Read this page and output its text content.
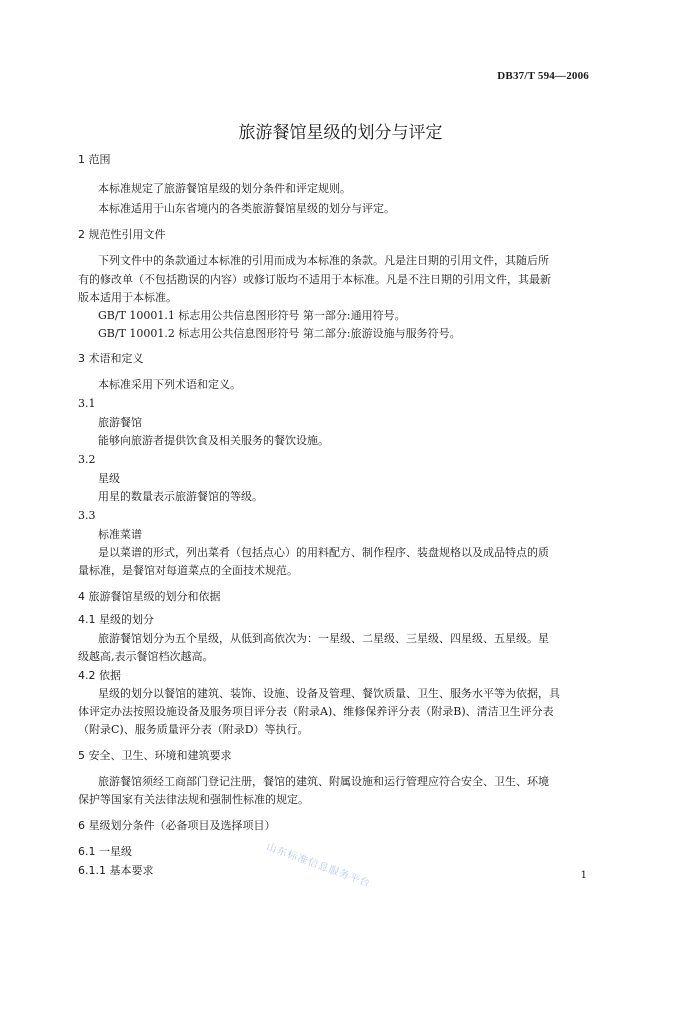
DB37/T 594—2006
旅游餐馆星级的划分与评定
1 范围
本标准规定了旅游餐馆星级的划分条件和评定规则。
本标准适用于山东省境内的各类旅游餐馆星级的划分与评定。
2 规范性引用文件
下列文件中的条款通过本标准的引用而成为本标准的条款。凡是注日期的引用文件，其随后所
有的修改单（不包括勘误的内容）或修订版均不适用于本标准。凡是不注日期的引用文件，其最新
版本适用于本标准。
GB/T 10001.1 标志用公共信息图形符号 第一部分:通用符号。
GB/T 10001.2 标志用公共信息图形符号 第二部分:旅游设施与服务符号。
3 术语和定义
本标准采用下列术语和定义。
3.1
旅游餐馆
能够向旅游者提供饮食及相关服务的餐饮设施。
3.2
星级
用星的数量表示旅游餐馆的等级。
3.3
标准菜谱
是以菜谱的形式，列出菜肴（包括点心）的用料配方、制作程序、装盘规格以及成品特点的质
量标准，是餐馆对每道菜点的全面技术规范。
4 旅游餐馆星级的划分和依据
4.1 星级的划分
旅游餐馆划分为五个星级，从低到高依次为：一星级、二星级、三星级、四星级、五星级。星
级越高,表示餐馆档次越高。
4.2 依据
星级的划分以餐馆的建筑、装饰、设施、设备及管理、餐饮质量、卫生、服务水平等为依据，具
体评定办法按照设施设备及服务项目评分表（附录A)、维修保养评分表（附录B)、清洁卫生评分表
（附录C)、服务质量评分表（附录D）等执行。
5 安全、卫生、环境和建筑要求
旅游餐馆须经工商部门登记注册，餐馆的建筑、附属设施和运行管理应符合安全、卫生、环境
保护等国家有关法律法规和强制性标准的规定。
6 星级划分条件（必备项目及选择项目）
6.1 一星级
6.1.1 基本要求	山东标准信息服务平台	1
